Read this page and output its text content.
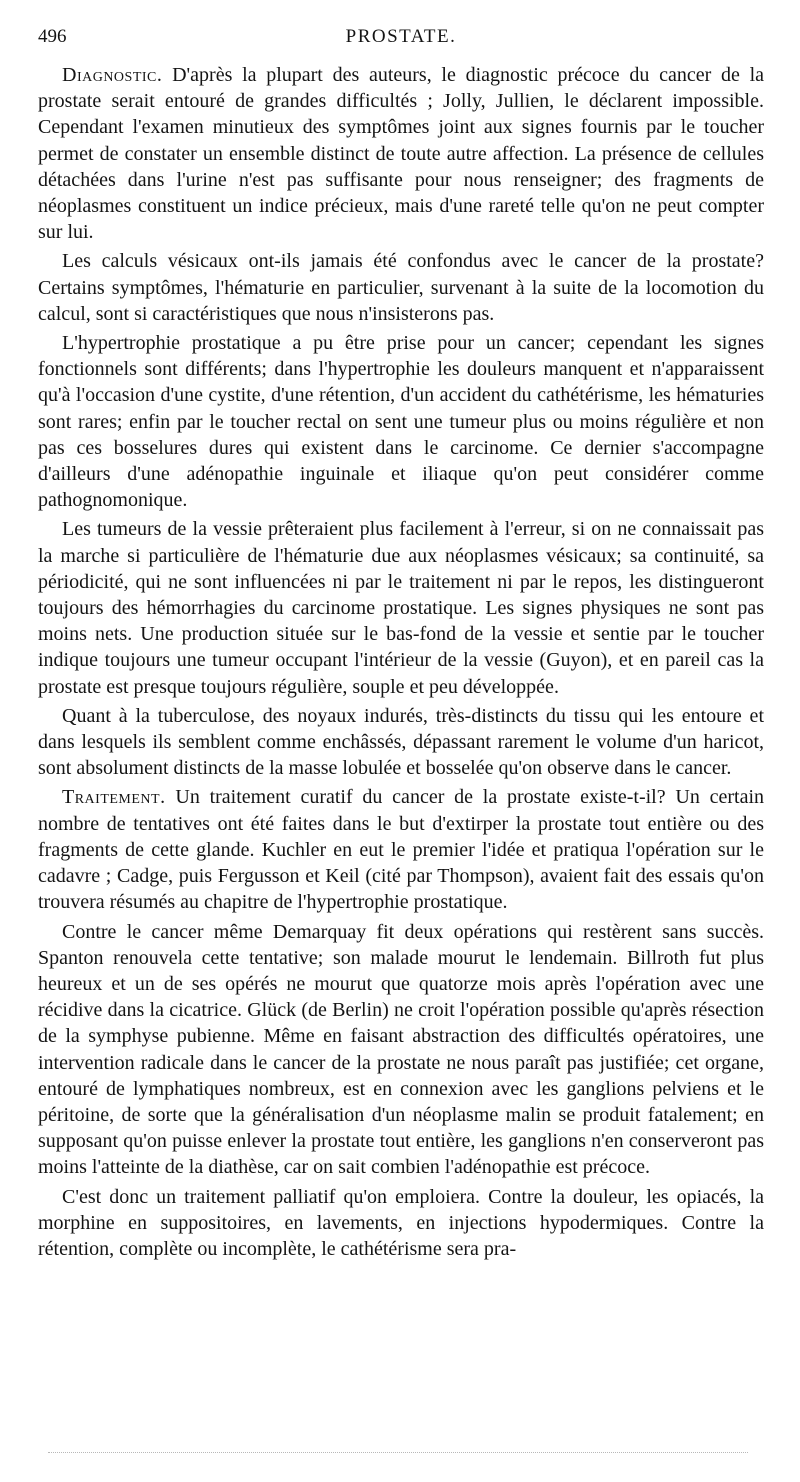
496	PROSTATE.

Diagnostic. D'après la plupart des auteurs, le diagnostic précoce du cancer de la prostate serait entouré de grandes difficultés ; Jolly, Jullien, le déclarent impossible. Cependant l'examen minutieux des symptômes joint aux signes fournis par le toucher permet de constater un ensemble distinct de toute autre affection. La présence de cellules détachées dans l'urine n'est pas suffisante pour nous renseigner; des fragments de néoplasmes constituent un indice précieux, mais d'une rareté telle qu'on ne peut compter sur lui.

Les calculs vésicaux ont-ils jamais été confondus avec le cancer de la prostate? Certains symptômes, l'hématurie en particulier, survenant à la suite de la locomotion du calcul, sont si caractéristiques que nous n'insisterons pas.

L'hypertrophie prostatique a pu être prise pour un cancer; cependant les signes fonctionnels sont différents; dans l'hypertrophie les douleurs manquent et n'apparaissent qu'à l'occasion d'une cystite, d'une rétention, d'un accident du cathétérisme, les hématuries sont rares; enfin par le toucher rectal on sent une tumeur plus ou moins régulière et non pas ces bosselures dures qui existent dans le carcinome. Ce dernier s'accompagne d'ailleurs d'une adénopathie inguinale et iliaque qu'on peut considérer comme pathognomonique.

Les tumeurs de la vessie prêteraient plus facilement à l'erreur, si on ne connaissait pas la marche si particulière de l'hématurie due aux néoplasmes vésicaux; sa continuité, sa périodicité, qui ne sont influencées ni par le traitement ni par le repos, les distingueront toujours des hémorrhagies du carcinome prostatique. Les signes physiques ne sont pas moins nets. Une production située sur le bas-fond de la vessie et sentie par le toucher indique toujours une tumeur occupant l'intérieur de la vessie (Guyon), et en pareil cas la prostate est presque toujours régulière, souple et peu développée.

Quant à la tuberculose, des noyaux indurés, très-distincts du tissu qui les entoure et dans lesquels ils semblent comme enchâssés, dépassant rarement le volume d'un haricot, sont absolument distincts de la masse lobulée et bosselée qu'on observe dans le cancer.

Traitement. Un traitement curatif du cancer de la prostate existe-t-il? Un certain nombre de tentatives ont été faites dans le but d'extirper la prostate tout entière ou des fragments de cette glande. Kuchler en eut le premier l'idée et pratiqua l'opération sur le cadavre ; Cadge, puis Fergusson et Keil (cité par Thompson), avaient fait des essais qu'on trouvera résumés au chapitre de l'hypertrophie prostatique.

Contre le cancer même Demarquay fit deux opérations qui restèrent sans succès. Spanton renouvela cette tentative; son malade mourut le lendemain. Billroth fut plus heureux et un de ses opérés ne mourut que quatorze mois après l'opération avec une récidive dans la cicatrice. Glück (de Berlin) ne croit l'opération possible qu'après résection de la symphyse pubienne. Même en faisant abstraction des difficultés opératoires, une intervention radicale dans le cancer de la prostate ne nous paraît pas justifiée; cet organe, entouré de lymphatiques nombreux, est en connexion avec les ganglions pelviens et le péritoine, de sorte que la généralisation d'un néoplasme malin se produit fatalement; en supposant qu'on puisse enlever la prostate tout entière, les ganglions n'en conserveront pas moins l'atteinte de la diathèse, car on sait combien l'adénopathie est précoce.

C'est donc un traitement palliatif qu'on emploiera. Contre la douleur, les opiacés, la morphine en suppositoires, en lavements, en injections hypodermiques. Contre la rétention, complète ou incomplète, le cathétérisme sera pra-
